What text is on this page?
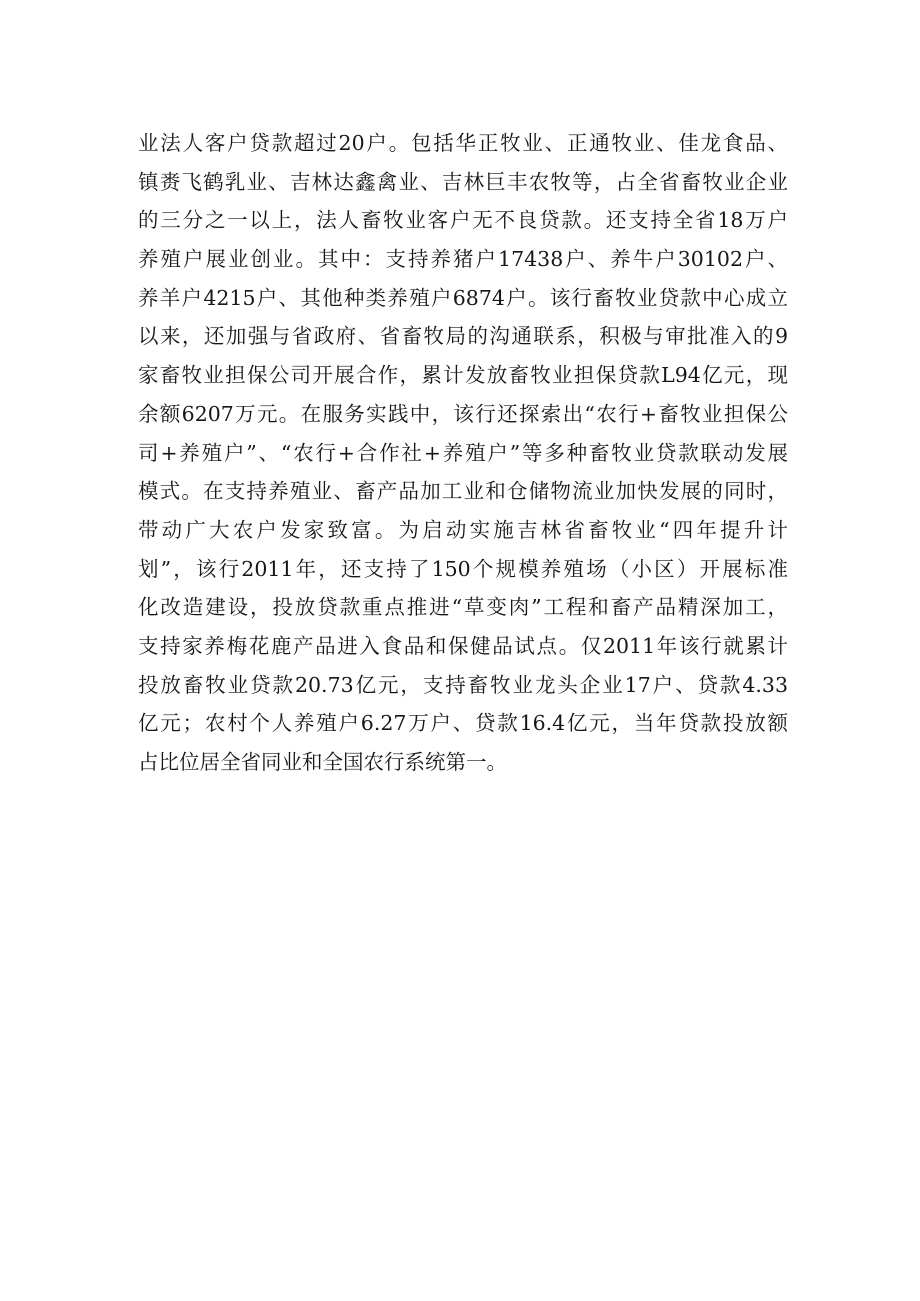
业法人客户贷款超过20户。包括华正牧业、正通牧业、佳龙食品、
镇赉飞鹤乳业、吉林达鑫禽业、吉林巨丰农牧等，占全省畜牧业企业
的三分之一以上，法人畜牧业客户无不良贷款。还支持全省18万户
养殖户展业创业。其中：支持养猪户17438户、养牛户30102户、
养羊户4215户、其他种类养殖户6874户。该行畜牧业贷款中心成立
以来，还加强与省政府、省畜牧局的沟通联系，积极与审批准入的9
家畜牧业担保公司开展合作，累计发放畜牧业担保贷款L94亿元，现
余额6207万元。在服务实践中，该行还探索出“农行+畜牧业担保公
司+养殖户”、“农行+合作社+养殖户”等多种畜牧业贷款联动发展
模式。在支持养殖业、畜产品加工业和仓储物流业加快发展的同时，
带动广大农户发家致富。为启动实施吉林省畜牧业“四年提升计
划”，该行2011年，还支持了150个规模养殖场（小区）开展标准
化改造建设，投放贷款重点推进“草变肉”工程和畜产品精深加工，
支持家养梅花鹿产品进入食品和保健品试点。仅2011年该行就累计
投放畜牧业贷款20.73亿元，支持畜牧业龙头企业17户、贷款4.33
亿元；农村个人养殖户6.27万户、贷款16.4亿元，当年贷款投放额
占比位居全省同业和全国农行系统第一。
